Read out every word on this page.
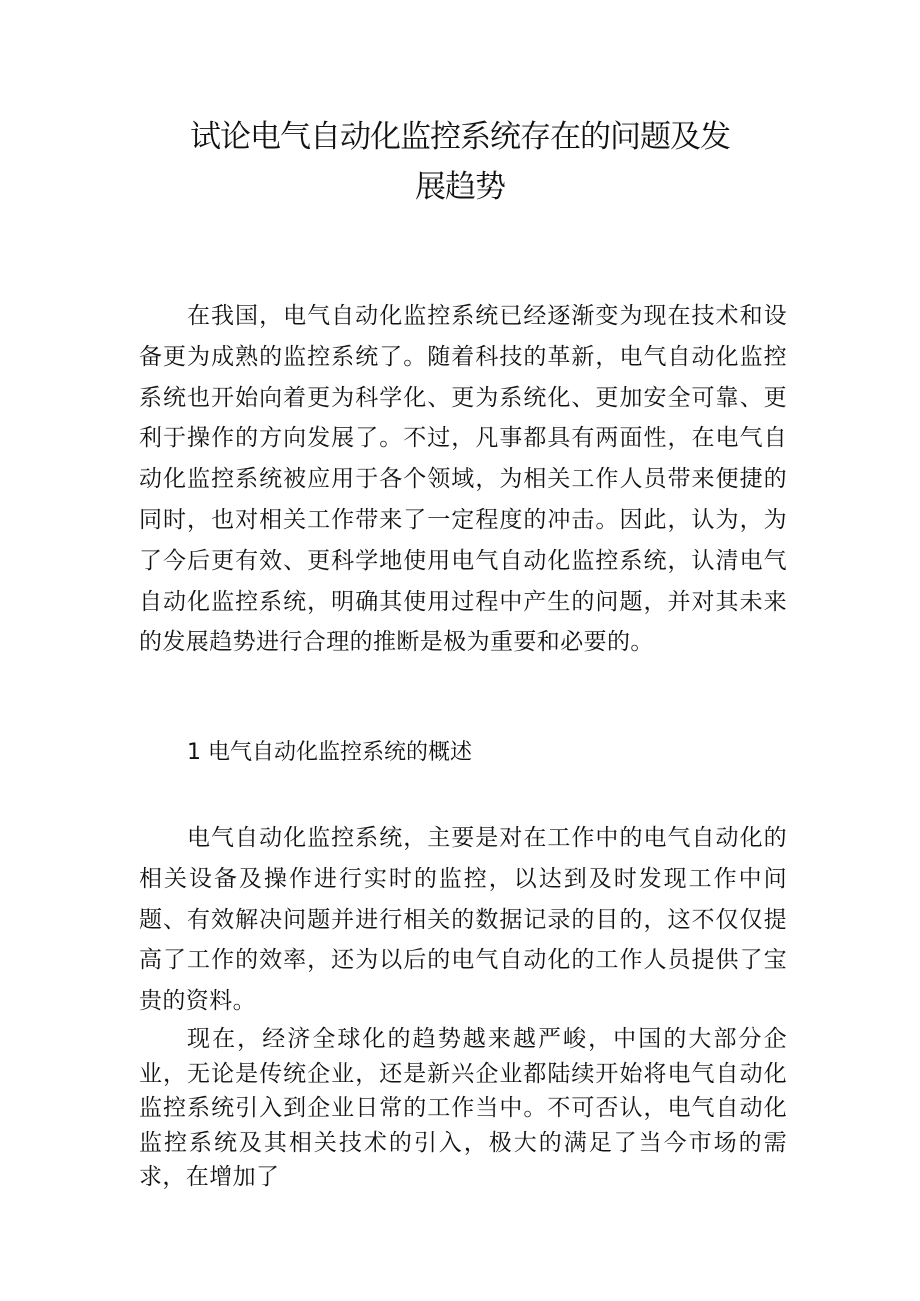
试论电气自动化监控系统存在的问题及发
展趋势

在我国，电气自动化监控系统已经逐渐变为现在技术和设备更为成熟的监控系统了。随着科技的革新，电气自动化监控系统也开始向着更为科学化、更为系统化、更加安全可靠、更利于操作的方向发展了。不过，凡事都具有两面性，在电气自动化监控系统被应用于各个领域，为相关工作人员带来便捷的同时，也对相关工作带来了一定程度的冲击。因此，认为，为了今后更有效、更科学地使用电气自动化监控系统，认清电气自动化监控系统，明确其使用过程中产生的问题，并对其未来的发展趋势进行合理的推断是极为重要和必要的。

1 电气自动化监控系统的概述

电气自动化监控系统，主要是对在工作中的电气自动化的相关设备及操作进行实时的监控，以达到及时发现工作中问题、有效解决问题并进行相关的数据记录的目的，这不仅仅提高了工作的效率，还为以后的电气自动化的工作人员提供了宝贵的资料。

现在，经济全球化的趋势越来越严峻，中国的大部分企业，无论是传统企业，还是新兴企业都陆续开始将电气自动化监控系统引入到企业日常的工作当中。不可否认，电气自动化监控系统及其相关技术的引入，极大的满足了当今市场的需求，在增加了
